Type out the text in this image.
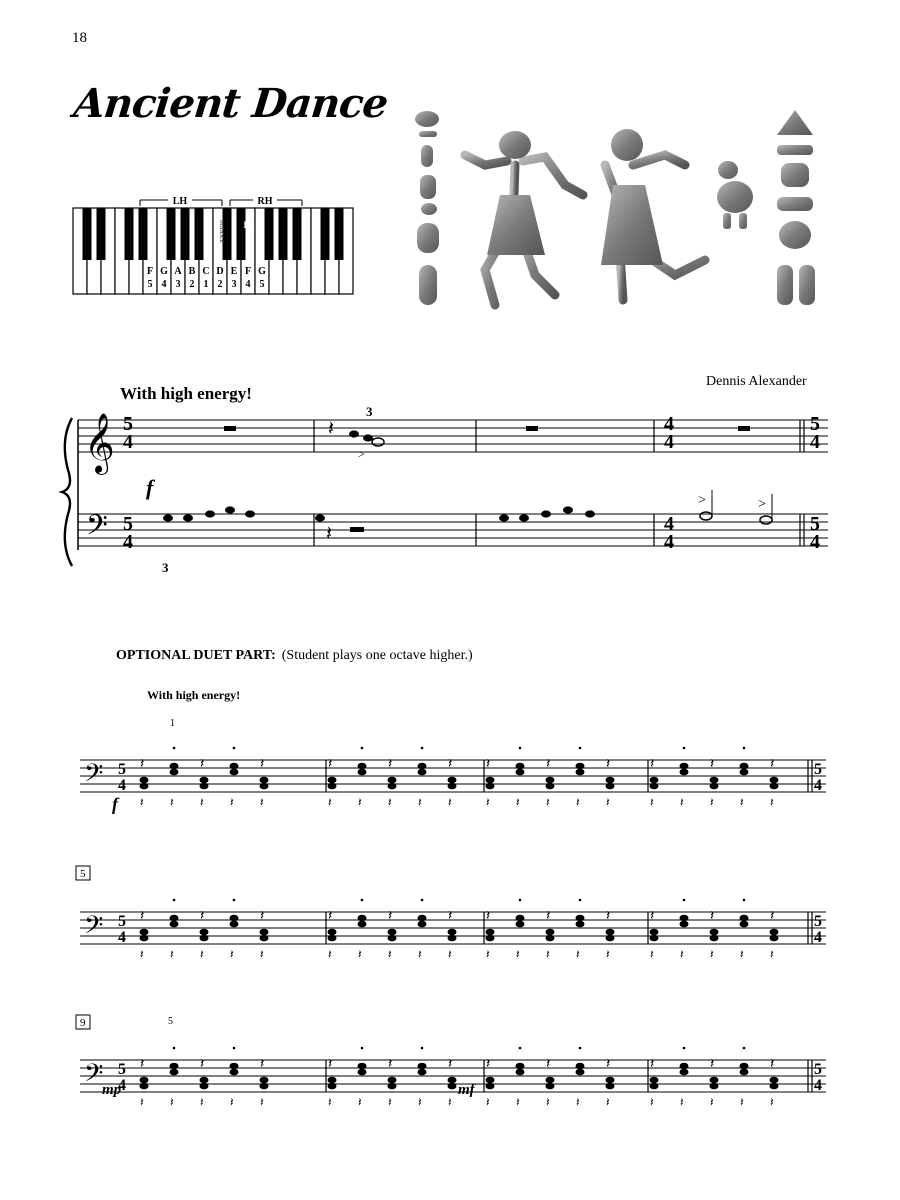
18
Ancient Dance
LH	RH
F
5
G
4
A
3
B
2
C
1
D
2
E
3
F
4
G
5
MIDDLE D#
2
Dennis Alexander
With high energy!
𝄞
𝄢
5
4
5
4
4
4
4
4
5
4
5
4
𝄽
3
>
f
3
𝄽
>	>
OPTIONAL DUET PART: (Student plays one octave higher.)
With high energy!
𝄢 5
4
5
4
𝄽
𝄽 𝄽
𝄽
𝄽 𝄽
𝄽
𝄽
𝄽
𝄽 𝄽
𝄽
𝄽 𝄽
𝄽
𝄽
𝄽
𝄽 𝄽
𝄽
𝄽 𝄽
𝄽
𝄽
𝄽
𝄽 𝄽
𝄽
𝄽 𝄽
𝄽
𝄽
𝄢 5
4
5
4
𝄽
𝄽 𝄽
𝄽
𝄽 𝄽
𝄽
𝄽
𝄽
𝄽 𝄽
𝄽
𝄽 𝄽
𝄽
𝄽
𝄽
𝄽 𝄽
𝄽
𝄽 𝄽
𝄽
𝄽
𝄽
𝄽 𝄽
𝄽
𝄽 𝄽
𝄽
𝄽
𝄢 5
4
5
4
𝄽
𝄽 𝄽
𝄽
𝄽 𝄽
𝄽
𝄽
𝄽
𝄽 𝄽
𝄽
𝄽 𝄽
𝄽
𝄽
𝄽
𝄽 𝄽
𝄽
𝄽 𝄽
𝄽
𝄽
𝄽
𝄽 𝄽
𝄽
𝄽 𝄽
𝄽
𝄽
5
9
f
mp	mf
1
5
